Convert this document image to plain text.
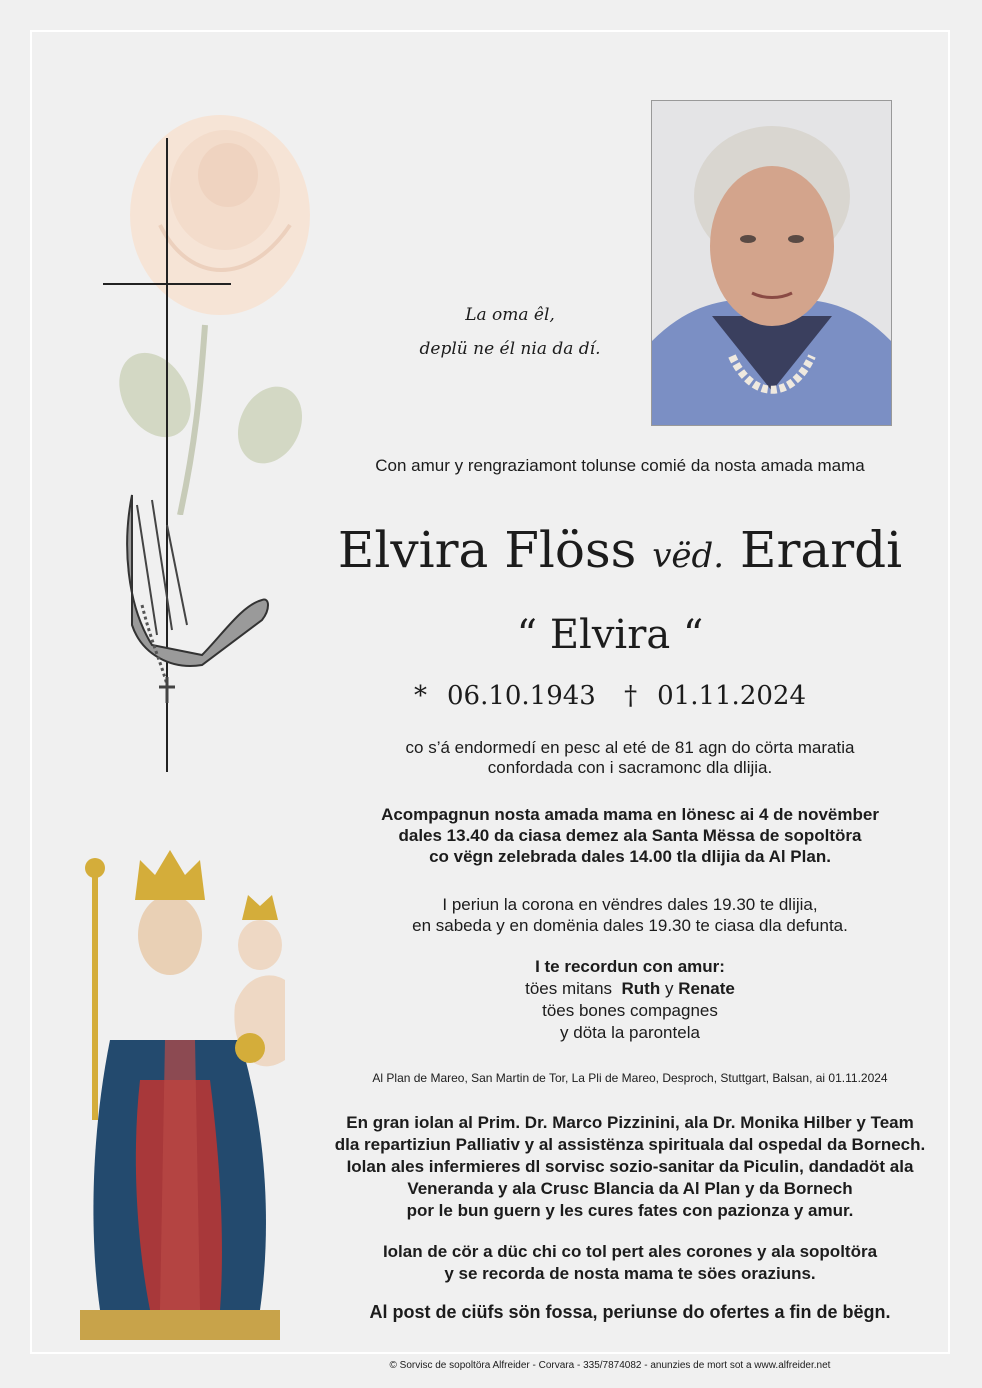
La oma êl,
deplü ne él nia da dí.
Con amur y rengraziamont tolunse comié da nosta amada mama
Elvira Flöss vëd. Erardi
“ Elvira “
* 06.10.1943 † 01.11.2024
co s’á endormedí en pesc al eté de 81 agn do cörta maratia
confordada con i sacramonc dla dlijia.
Acompagnun nosta amada mama en lönesc ai 4 de novëmber
dales 13.40 da ciasa demez ala Santa Mëssa de sopoltöra
co vëgn zelebrada dales 14.00 tla dlijia da Al Plan.
I periun la corona en vëndres dales 19.30 te dlijia,
en sabeda y en domënia dales 19.30 te ciasa dla defunta.
I te recordun con amur:
töes mitans Ruth y Renate
töes bones compagnes
y döta la parontela
Al Plan de Mareo, San Martin de Tor, La Pli de Mareo, Desproch, Stuttgart, Balsan, ai 01.11.2024
En gran iolan al Prim. Dr. Marco Pizzinini, ala Dr. Monika Hilber y Team
dla repartiziun Palliativ y al assistënza spirituala dal ospedal da Bornech.
Iolan ales infermieres dl sorvisc sozio-sanitar da Piculin, dandadöt ala
Veneranda y ala Crusc Blancia da Al Plan y da Bornech
por le bun guern y les cures fates con pazionza y amur.
Iolan de cör a düc chi co tol pert ales corones y ala sopoltöra
y se recorda de nosta mama te söes oraziuns.
Al post de ciüfs sön fossa, periunse do ofertes a fin de bëgn.
© Sorvisc de sopoltöra Alfreider - Corvara - 335/7874082 - anunzies de mort sot a www.alfreider.net
